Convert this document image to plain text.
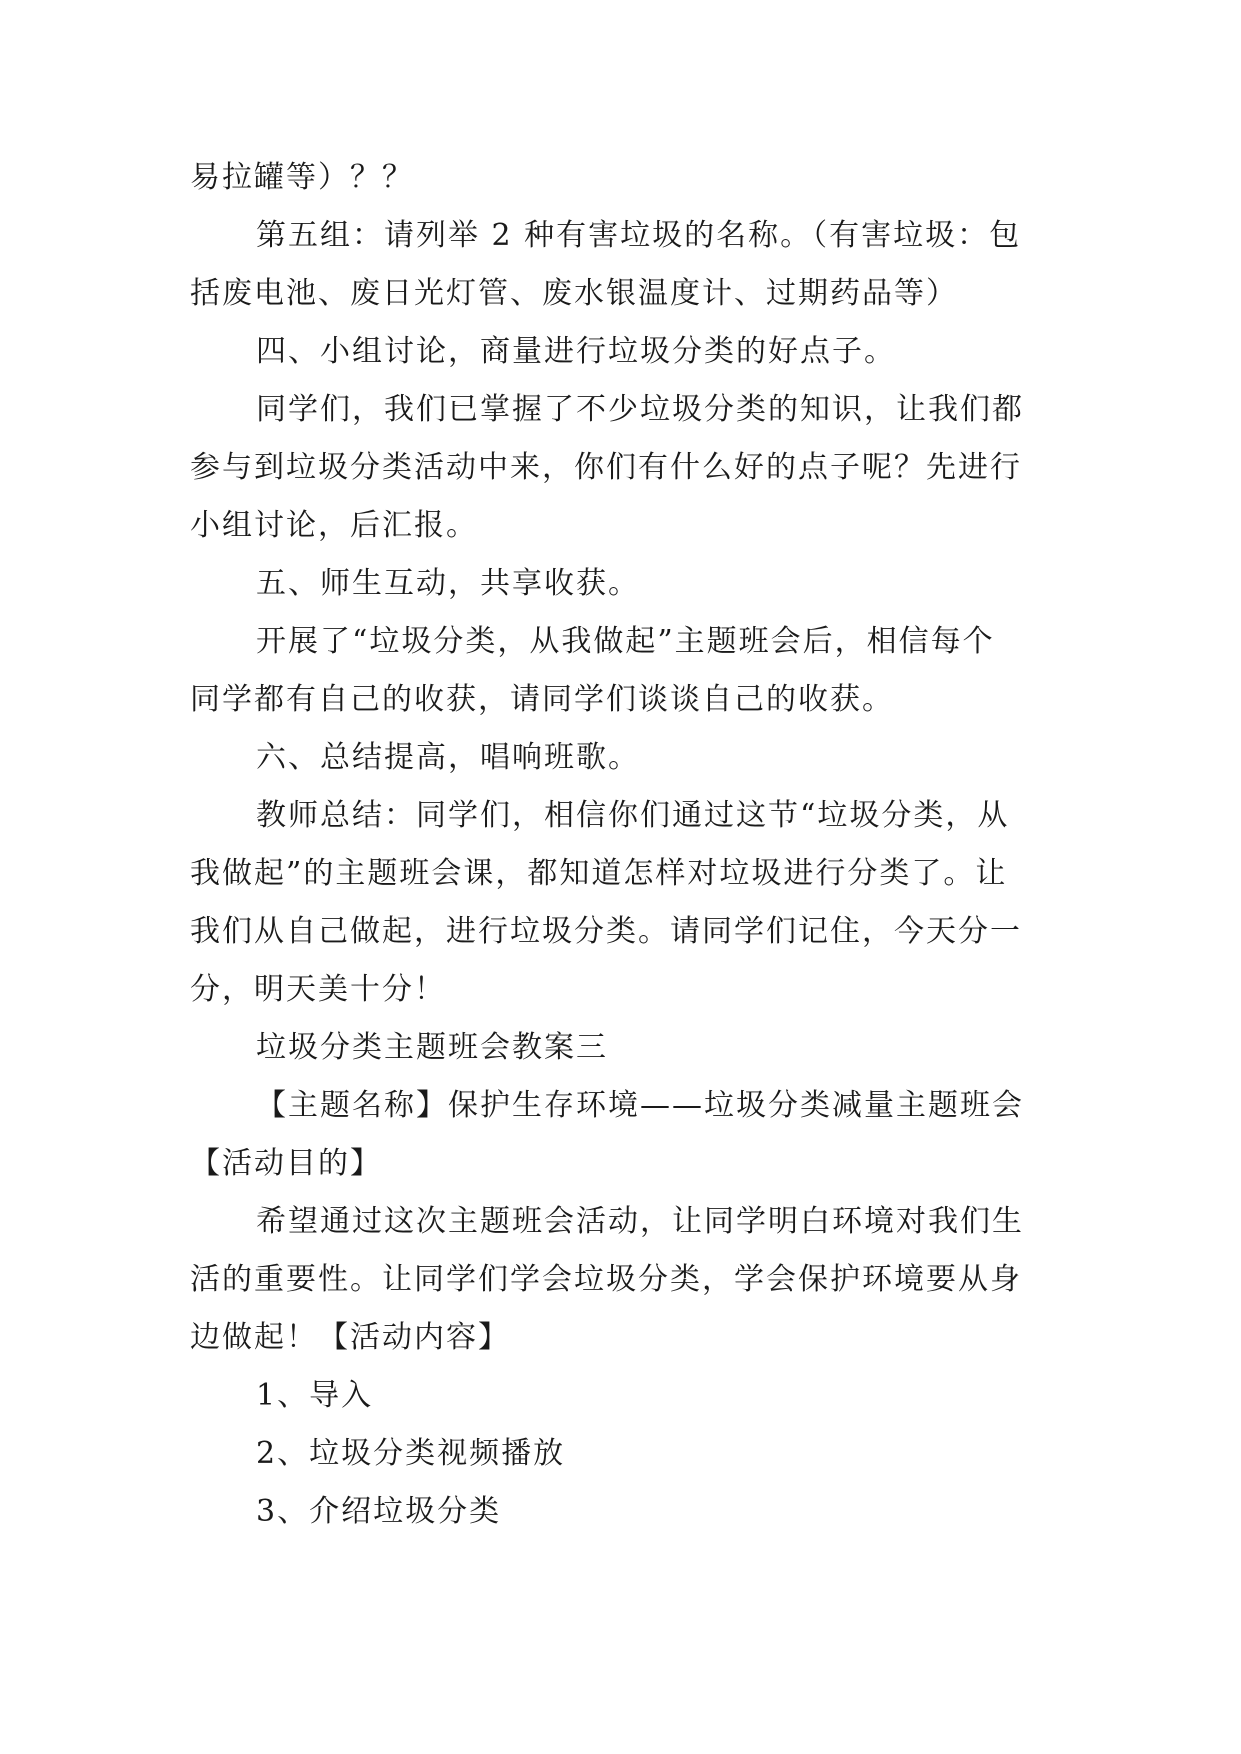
易拉罐等）？？
第五组：请列举 2 种有害垃圾的名称。（有害垃圾：包
括废电池、废日光灯管、废水银温度计、过期药品等）
四、小组讨论，商量进行垃圾分类的好点子。
同学们，我们已掌握了不少垃圾分类的知识，让我们都
参与到垃圾分类活动中来，你们有什么好的点子呢？先进行
小组讨论，后汇报。
五、师生互动，共享收获。
开展了“垃圾分类，从我做起”主题班会后，相信每个
同学都有自己的收获，请同学们谈谈自己的收获。
六、总结提高，唱响班歌。
教师总结：同学们，相信你们通过这节“垃圾分类，从
我做起”的主题班会课，都知道怎样对垃圾进行分类了。让
我们从自己做起，进行垃圾分类。请同学们记住，今天分一
分，明天美十分！
垃圾分类主题班会教案三
【主题名称】保护生存环境——垃圾分类减量主题班会
【活动目的】
希望通过这次主题班会活动，让同学明白环境对我们生
活的重要性。让同学们学会垃圾分类，学会保护环境要从身
边做起！【活动内容】
1、导入
2、垃圾分类视频播放
3、介绍垃圾分类
